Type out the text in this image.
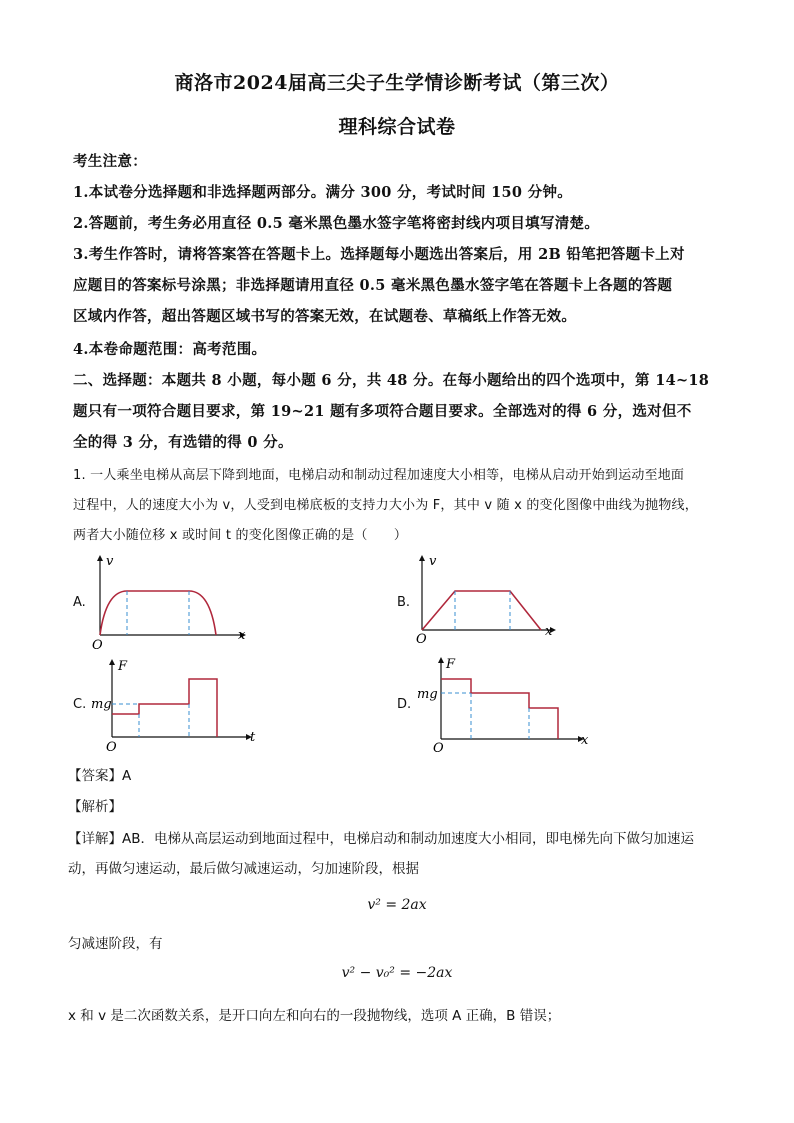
商洛市2024届高三尖子生学情诊断考试（第三次）
理科综合试卷
考生注意：
1.本试卷分选择题和非选择题两部分。满分 300 分，考试时间 150 分钟。
2.答题前，考生务必用直径 0.5 毫米黑色墨水签字笔将密封线内项目填写清楚。
3.考生作答时，请将答案答在答题卡上。选择题每小题选出答案后，用 2B 铅笔把答题卡上对
应题目的答案标号涂黑；非选择题请用直径 0.5 毫米黑色墨水签字笔在答题卡上各题的答题
区域内作答，超出答题区域书写的答案无效，在试题卷、草稿纸上作答无效。
4.本卷命题范围：高考范围。
二、选择题：本题共 8 小题，每小题 6 分，共 48 分。在每小题给出的四个选项中，第 14~18
题只有一项符合题目要求，第 19~21 题有多项符合题目要求。全部选对的得 6 分，选对但不
全的得 3 分，有选错的得 0 分。
1. 一人乘坐电梯从高层下降到地面，电梯启动和制动过程加速度大小相等，电梯从启动开始到运动至地面
过程中，人的速度大小为 v，人受到电梯底板的支持力大小为 F，其中 v 随 x 的变化图像中曲线为抛物线，
两者大小随位移 x 或时间 t 的变化图像正确的是（　　）
A.
v
x
O
B.
v
x
O
C.
F
mg
t
O
D.
F
mg
x
O
【答案】A
【解析】
【详解】AB．电梯从高层运动到地面过程中，电梯启动和制动加速度大小相同，即电梯先向下做匀加速运
动，再做匀速运动，最后做匀减速运动，匀加速阶段，根据
v² = 2ax
匀减速阶段，有
v² − v₀² = −2ax
x 和 v 是二次函数关系，是开口向左和向右的一段抛物线，选项 A 正确，B 错误；
